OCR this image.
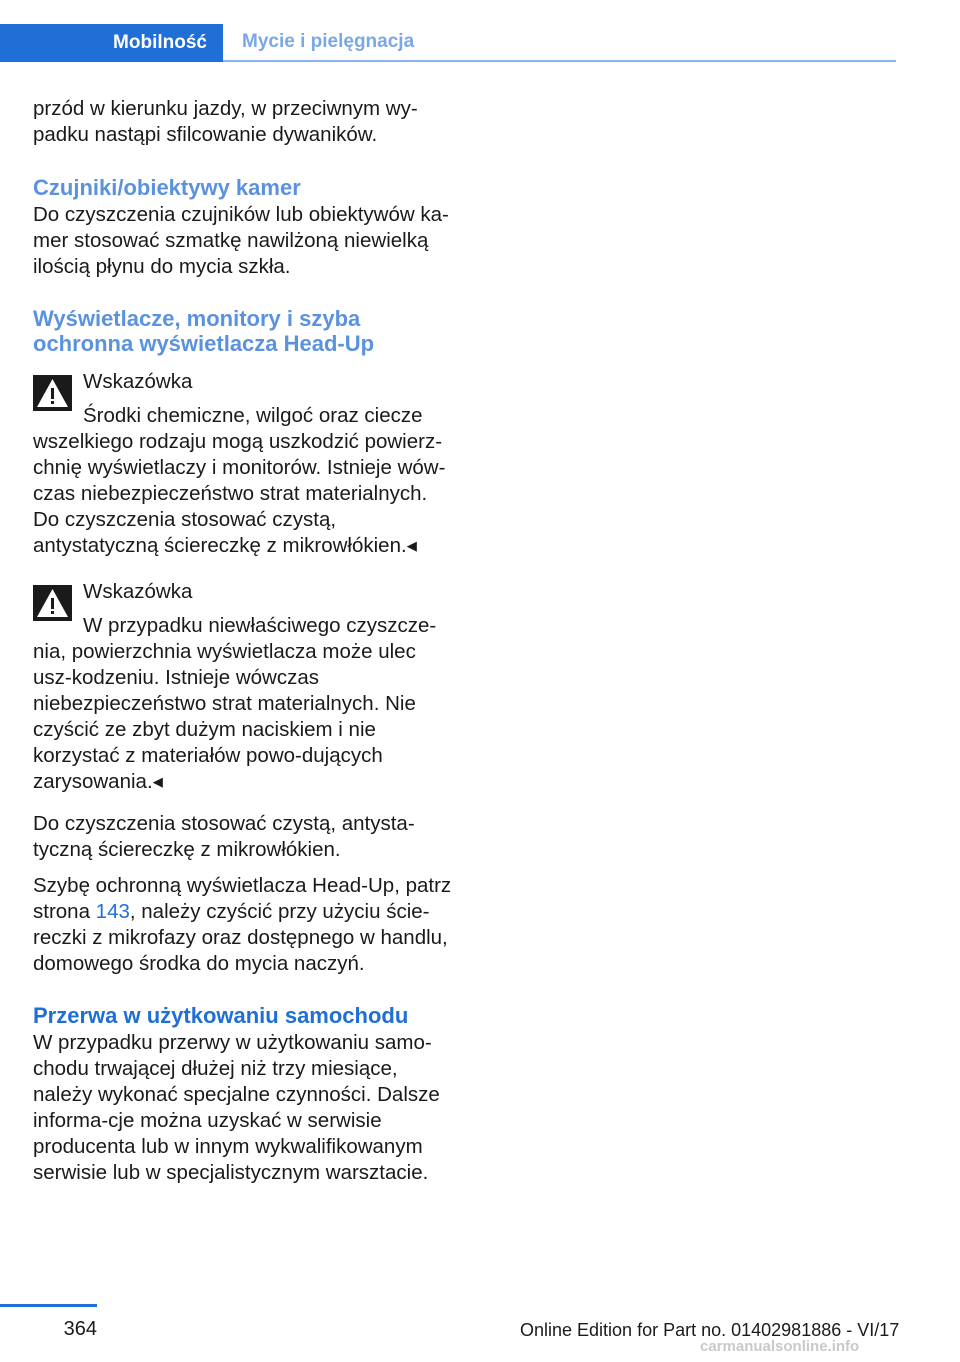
Mobilność	Mycie i pielęgnacja

przód w kierunku jazdy, w przeciwnym wy-padku nastąpi sfilcowanie dywaników.

Czujniki/obiektywy kamer

Do czyszczenia czujników lub obiektywów ka-mer stosować szmatkę nawilżoną niewielką ilością płynu do mycia szkła.

Wyświetlacze, monitory i szyba ochronna wyświetlacza Head-Up

Wskazówka

Środki chemiczne, wilgoć oraz ciecze wszelkiego rodzaju mogą uszkodzić powierz-chnię wyświetlaczy i monitorów. Istnieje wów-czas niebezpieczeństwo strat materialnych. Do czyszczenia stosować czystą, antystatyczną ściereczkę z mikrowłókien.◂

Wskazówka

W przypadku niewłaściwego czyszcze-nia, powierzchnia wyświetlacza może ulec usz-kodzeniu. Istnieje wówczas niebezpieczeństwo strat materialnych. Nie czyścić ze zbyt dużym naciskiem i nie korzystać z materiałów powo-dujących zarysowania.◂

Do czyszczenia stosować czystą, antysta-tyczną ściereczkę z mikrowłókien.

Szybę ochronną wyświetlacza Head-Up, patrz strona 143, należy czyścić przy użyciu ście-reczki z mikrofazy oraz dostępnego w handlu, domowego środka do mycia naczyń.

Przerwa w użytkowaniu samochodu

W przypadku przerwy w użytkowaniu samo-chodu trwającej dłużej niż trzy miesiące, należy wykonać specjalne czynności. Dalsze informa-cje można uzyskać w serwisie producenta lub w innym wykwalifikowanym serwisie lub w specjalistycznym warsztacie.

364	Online Edition for Part no. 01402981886 - VI/17
carmanualsonline.info
